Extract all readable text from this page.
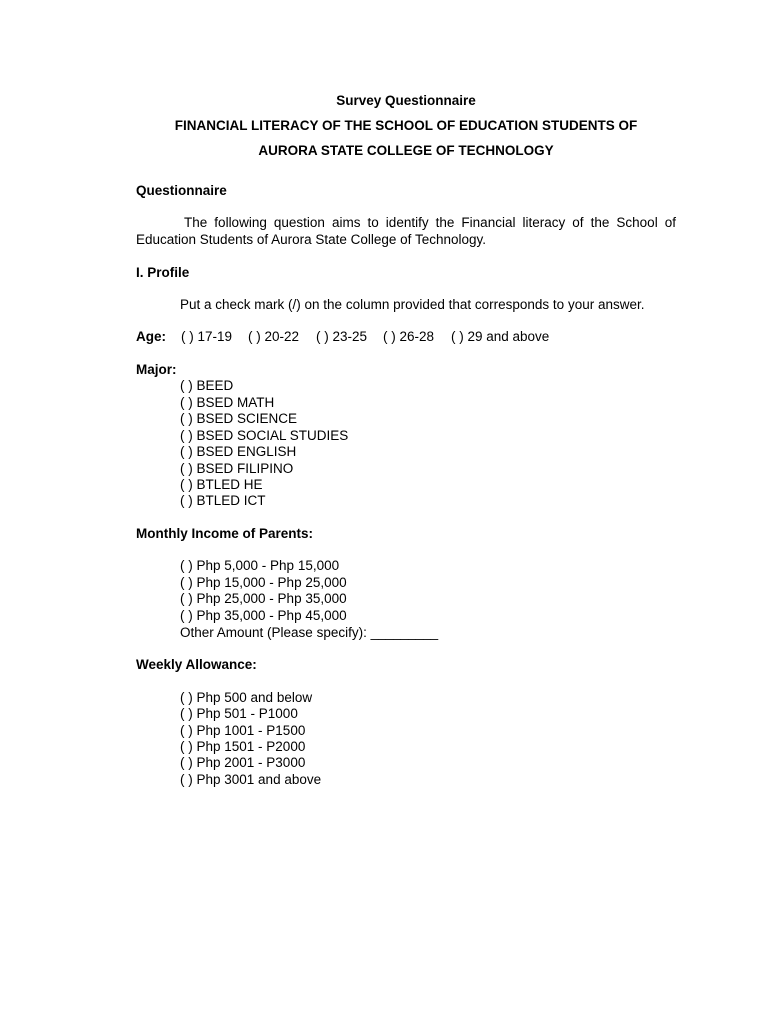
Survey Questionnaire
FINANCIAL LITERACY OF THE SCHOOL OF EDUCATION STUDENTS OF
AURORA STATE COLLEGE OF TECHNOLOGY
Questionnaire
The following question aims to identify the Financial literacy of the School of Education Students of Aurora State College of Technology.
I. Profile
Put a check mark (/) on the column provided that corresponds to your answer.
Age: ( ) 17-19 ( ) 20-22 ( ) 23-25 ( ) 26-28 ( ) 29 and above
Major:
( ) BEED
( ) BSED MATH
( ) BSED SCIENCE
( ) BSED SOCIAL STUDIES
( ) BSED ENGLISH
( ) BSED FILIPINO
( ) BTLED HE
( ) BTLED ICT
Monthly Income of Parents:
( ) Php 5,000 - Php 15,000
( ) Php 15,000 - Php 25,000
( ) Php 25,000 - Php 35,000
( ) Php 35,000 - Php 45,000
Other Amount (Please specify): _________
Weekly Allowance:
( ) Php 500 and below
( ) Php 501 - P1000
( ) Php 1001 - P1500
( ) Php 1501 - P2000
( ) Php 2001 - P3000
( ) Php 3001 and above
